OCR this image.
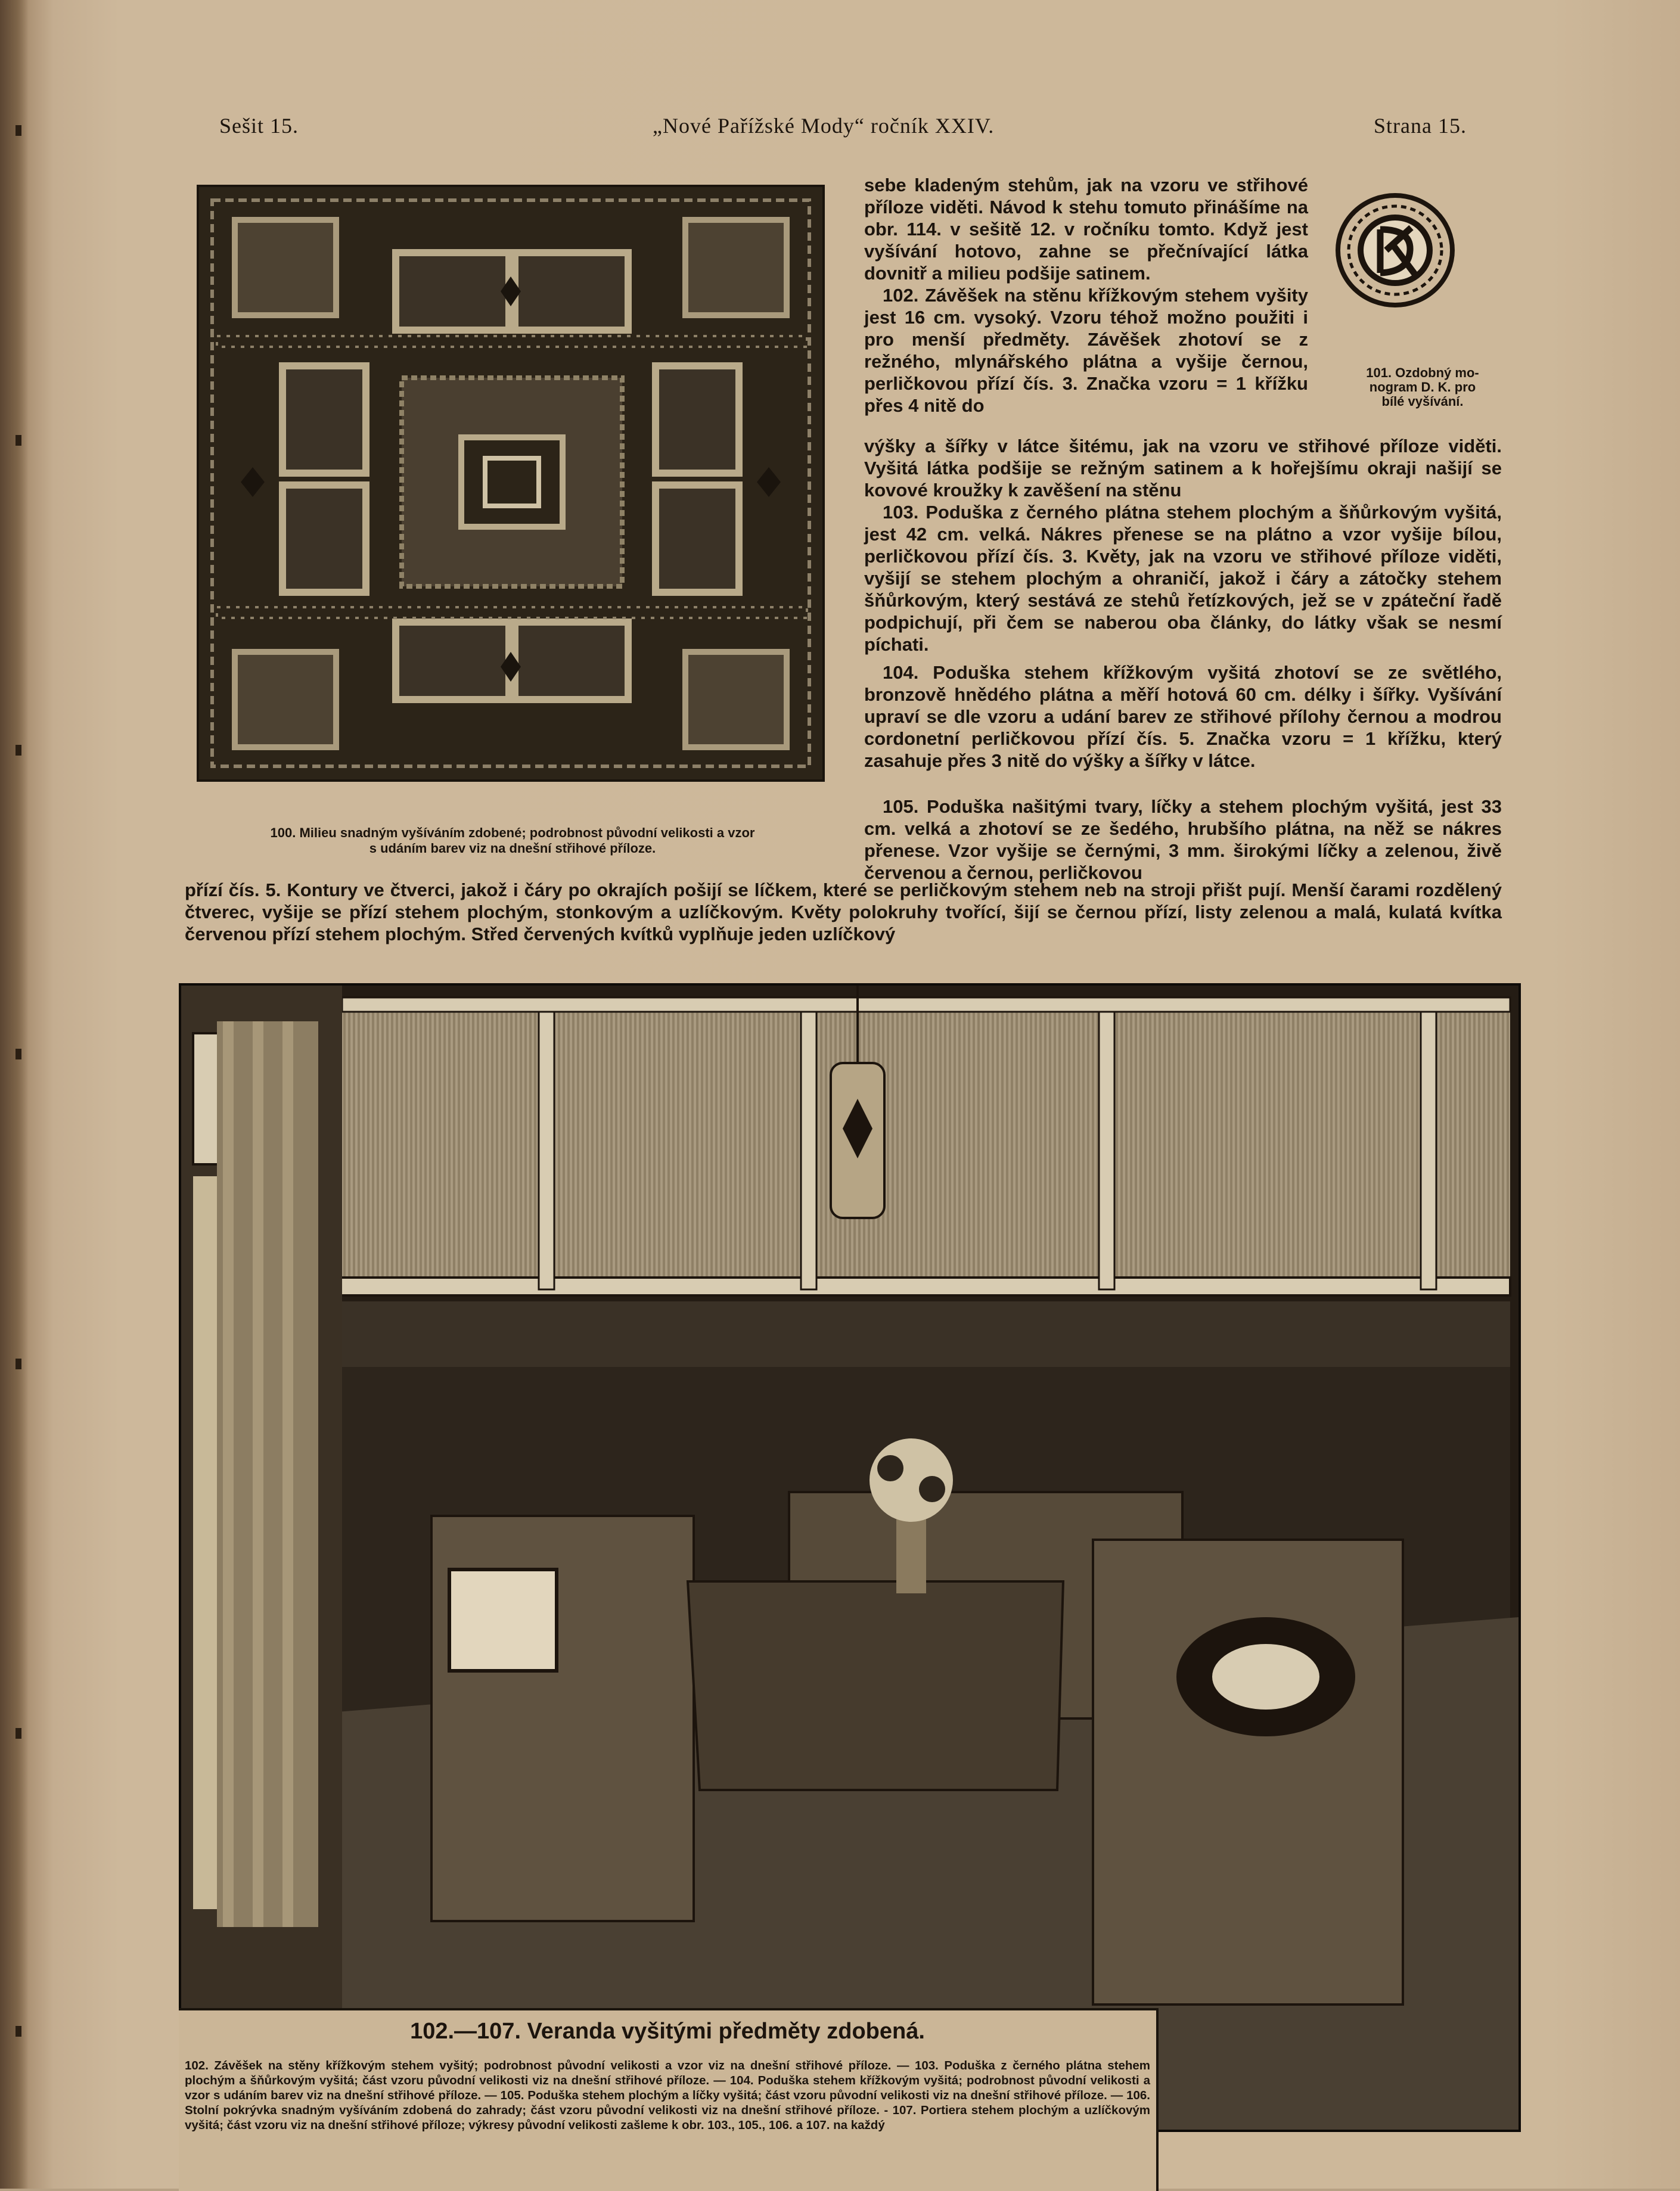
Sešit 15.	„Nové Pařížské Mody“ ročník XXIV.	Strana 15.
100. Milieu snadným vyšíváním zdobené; podrobnost původní velikosti a vzor
s udáním barev viz na dnešní střihové příloze.
101. Ozdobný mo-
nogram D. K. pro
bílé vyšívání.

sebe kladeným stehům, jak na vzoru ve střihové příloze viděti. Návod k stehu tomuto přinášíme na obr. 114. v sešitě 12. v ročníku tomto. Když jest vyšívání hotovo, zahne se přečnívající látka dovnitř a milieu podšije satinem.

 102. Závěšek na stěnu křížkovým stehem vyšity jest 16 cm. vysoký. Vzoru téhož možno použiti i pro menší předměty. Závěšek zhotoví se z režného, mlynářského plátna a vyšije černou, perličkovou přízí čís. 3. Značka vzoru = 1 křížku přes 4 nitě do

výšky a šířky v látce šitému, jak na vzoru ve střihové příloze viděti. Vyšitá látka podšije se režným satinem a k hořejšímu okraji našijí se kovové kroužky k zavěšení na stěnu

 103. Poduška z černého plátna stehem plochým a šňůrkovým vyšitá, jest 42 cm. velká. Nákres přenese se na plátno a vzor vyšije bílou, perličkovou přízí čís. 3. Květy, jak na vzoru ve střihové příloze viděti, vyšijí se stehem plochým a ohraničí, jakož i čáry a zátočky stehem šňůrkovým, který sestává ze stehů řetízkových, jež se v zpáteční řadě podpichují, při čem se naberou oba články, do látky však se nesmí píchati.

 104. Poduška stehem křížkovým vyšitá zhotoví se ze světlého, bronzově hnědého plátna a měří hotová 60 cm. délky i šířky. Vyšívání upraví se dle vzoru a udání barev ze střihové přílohy černou a modrou cordonetní perličkovou přízí čís. 5. Značka vzoru = 1 křížku, který zasahuje přes 3 nitě do výšky a šířky v látce.

 105. Poduška našitými tvary, líčky a stehem plochým vyšitá, jest 33 cm. velká a zhotoví se ze šedého, hrubšího plátna, na něž se nákres přenese. Vzor vyšije se černými, 3 mm. širokými líčky a zelenou, živě červenou a černou, perličkovou

přízí čís. 5. Kontury ve čtverci, jakož i čáry po okrajích pošijí se líčkem, které se perličkovým stehem neb na stroji přišt pují. Menší čarami rozdělený čtverec, vyšije se přízí stehem plochým, stonkovým a uzlíčkovým. Květy polokruhy tvořící, šijí se černou přízí, listy zelenou a malá, kulatá kvítka červenou přízí stehem plochým. Střed červených kvítků vyplňuje jeden uzlíčkový

102.—107. Veranda vyšitými předměty zdobená.
102. Závěšek na stěny křížkovým stehem vyšitý; podrobnost původní velikosti a vzor viz na dnešní střihové příloze. — 103. Poduška z černého plátna stehem plochým a šňůrkovým vyšitá; část vzoru původní velikosti viz na dnešní střihové příloze. — 104. Poduška stehem křížkovým vyšitá; podrobnost původní velikosti a vzor s udáním barev viz na dnešní střihové příloze. — 105. Poduška stehem plochým a líčky vyšitá; část vzoru původní velikosti viz na dnešní střihové příloze. — 106. Stolní pokrývka snadným vyšíváním zdobená do zahrady; část vzoru původní velikosti viz na dnešní střihové příloze. - 107. Portiera stehem plochým a uzlíčkovým vyšitá; část vzoru viz na dnešní střihové příloze; výkresy původní velikosti zašleme k obr. 103., 105., 106. a 107. na každý
